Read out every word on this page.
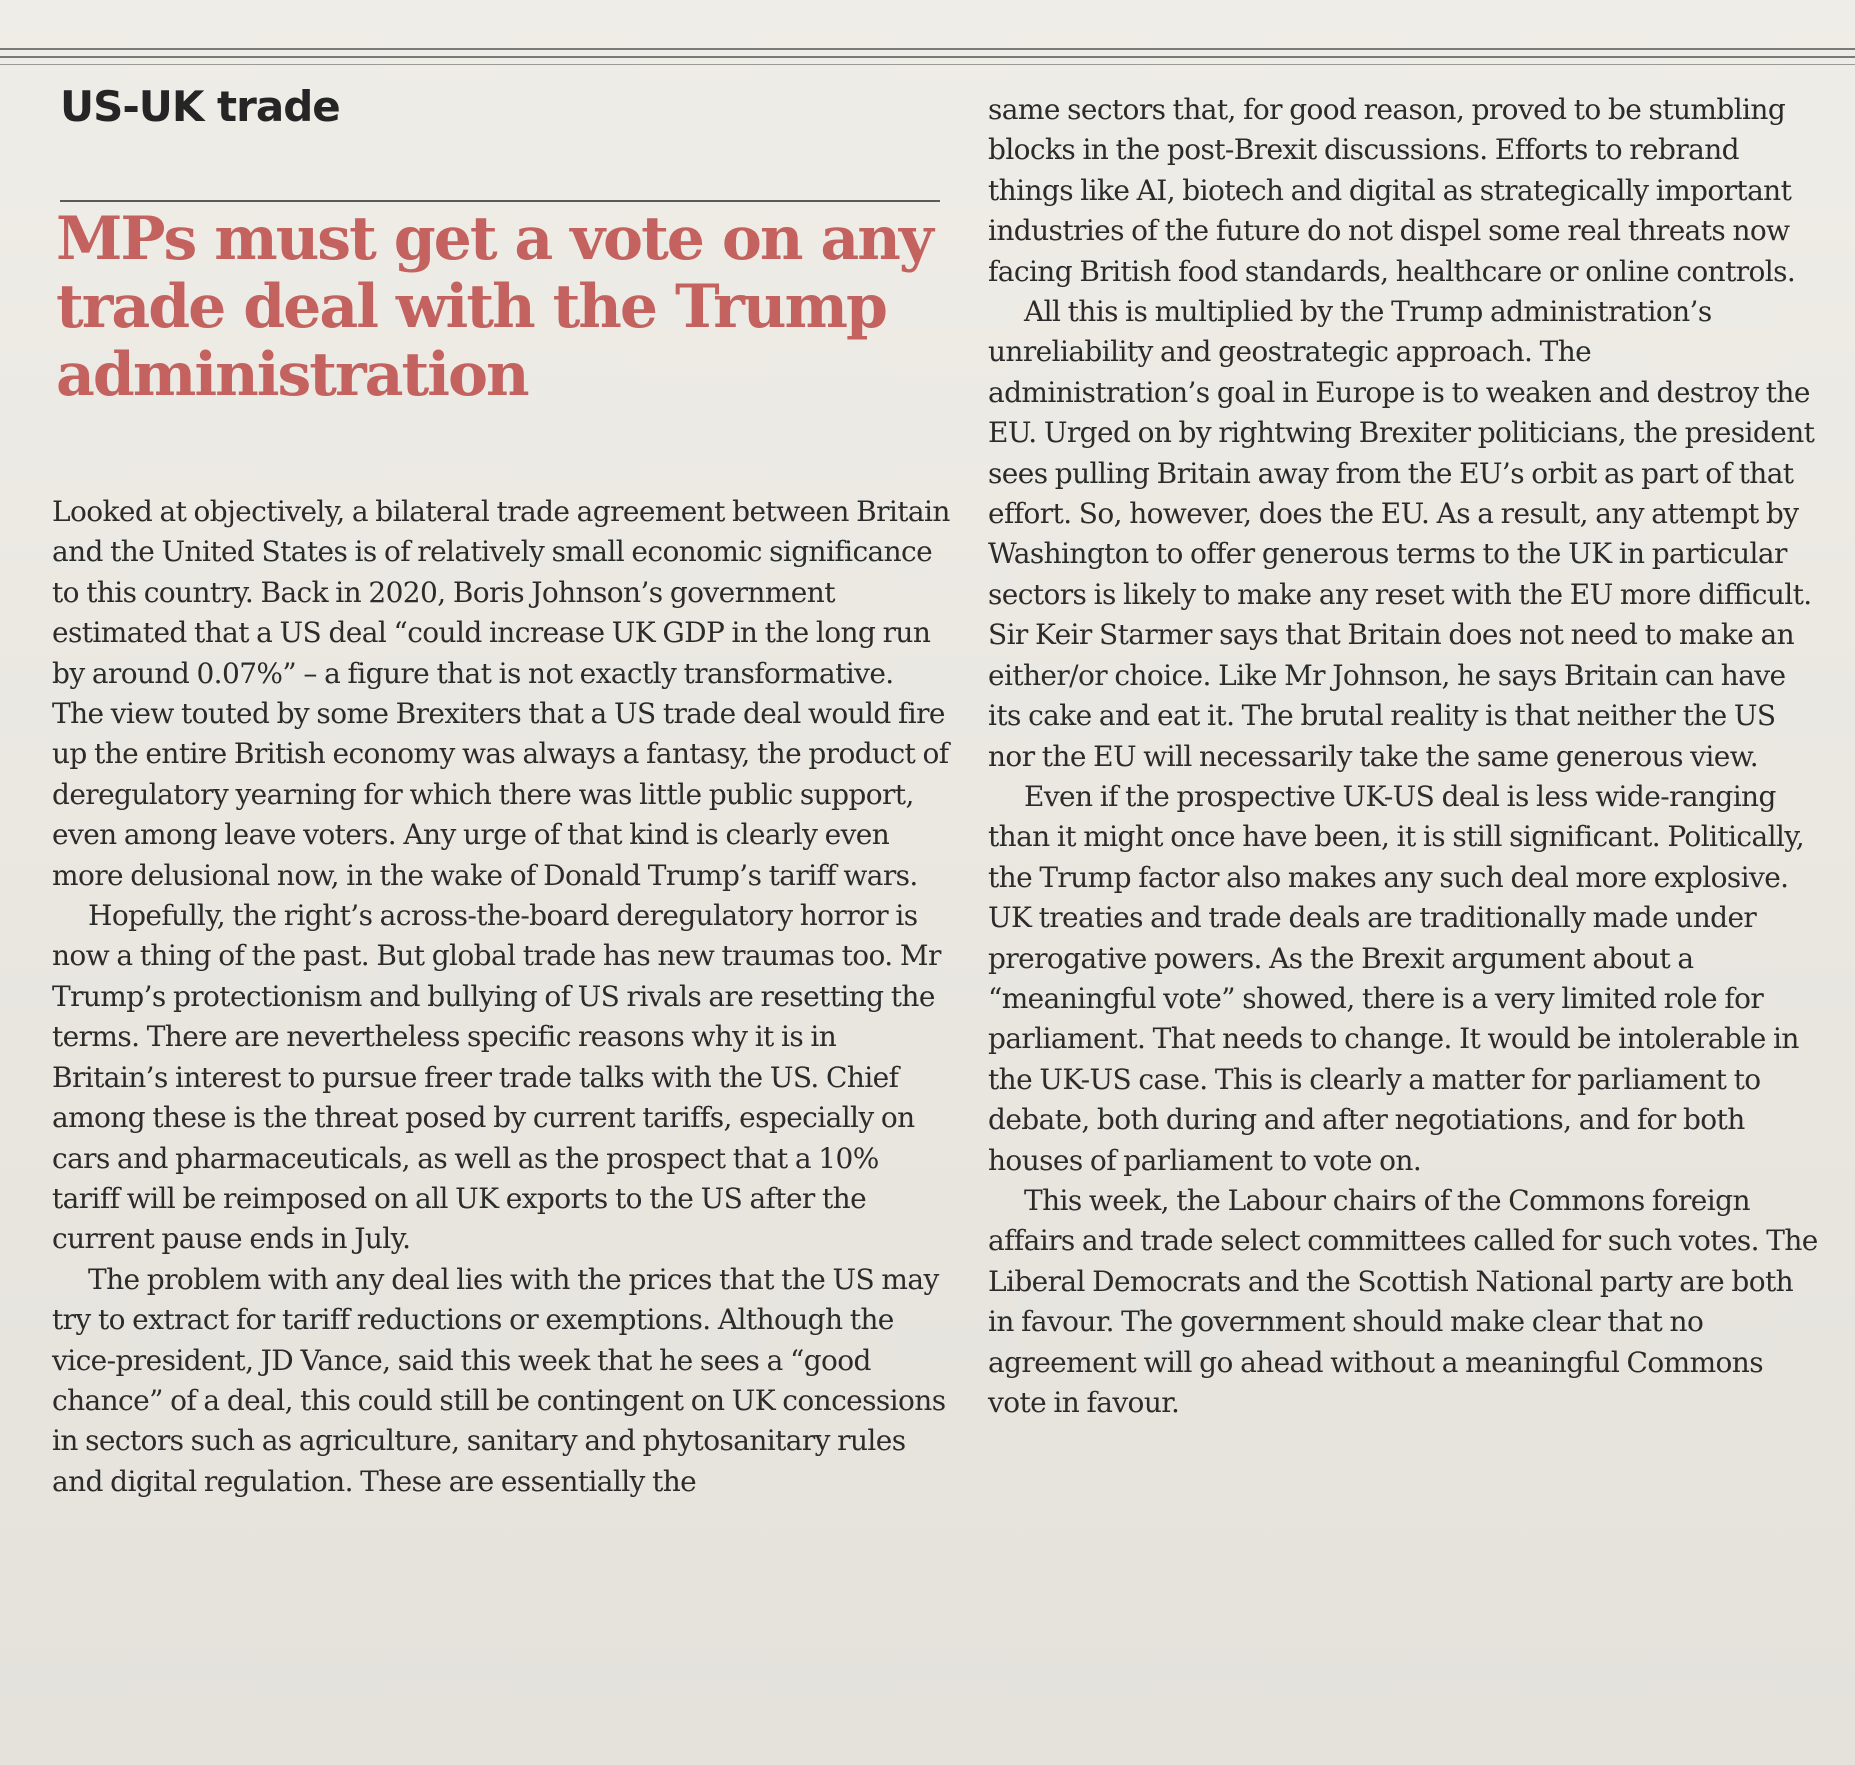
US-UK trade
MPs must get a vote on any trade deal with the Trump administration

Looked at objectively, a bilateral trade agreement between Britain and the United States is of relatively small economic significance to this country. Back in 2020, Boris Johnson’s government estimated that a US deal “could increase UK GDP in the long run by around 0.07%” – a figure that is not exactly transformative. The view touted by some Brexiters that a US trade deal would fire up the entire British economy was always a fantasy, the product of deregulatory yearning for which there was little public support, even among leave voters. Any urge of that kind is clearly even more delusional now, in the wake of Donald Trump’s tariff wars.

Hopefully, the right’s across-the-board deregulatory horror is now a thing of the past. But global trade has new traumas too. Mr Trump’s protectionism and bullying of US rivals are resetting the terms. There are nevertheless specific reasons why it is in Britain’s interest to pursue freer trade talks with the US. Chief among these is the threat posed by current tariffs, especially on cars and pharmaceuticals, as well as the prospect that a 10% tariff will be reimposed on all UK exports to the US after the current pause ends in July.

The problem with any deal lies with the prices that the US may try to extract for tariff reductions or exemptions. Although the vice-president, JD Vance, said this week that he sees a “good chance” of a deal, this could still be contingent on UK concessions in sectors such as agriculture, sanitary and phytosanitary rules and digital regulation. These are essentially the

same sectors that, for good reason, proved to be stumbling blocks in the post-Brexit discussions. Efforts to rebrand things like AI, biotech and digital as strategically important industries of the future do not dispel some real threats now facing British food standards, healthcare or online controls.

All this is multiplied by the Trump administration’s unreliability and geostrategic approach. The administration’s goal in Europe is to weaken and destroy the EU. Urged on by rightwing Brexiter politicians, the president sees pulling Britain away from the EU’s orbit as part of that effort. So, however, does the EU. As a result, any attempt by Washington to offer generous terms to the UK in particular sectors is likely to make any reset with the EU more difficult. Sir Keir Starmer says that Britain does not need to make an either/or choice. Like Mr Johnson, he says Britain can have its cake and eat it. The brutal reality is that neither the US nor the EU will necessarily take the same generous view.

Even if the prospective UK-US deal is less wide-ranging than it might once have been, it is still significant. Politically, the Trump factor also makes any such deal more explosive. UK treaties and trade deals are traditionally made under prerogative powers. As the Brexit argument about a “meaningful vote” showed, there is a very limited role for parliament. That needs to change. It would be intolerable in the UK-US case. This is clearly a matter for parliament to debate, both during and after negotiations, and for both houses of parliament to vote on.

This week, the Labour chairs of the Commons foreign affairs and trade select committees called for such votes. The Liberal Democrats and the Scottish National party are both in favour. The government should make clear that no agreement will go ahead without a meaningful Commons vote in favour.
